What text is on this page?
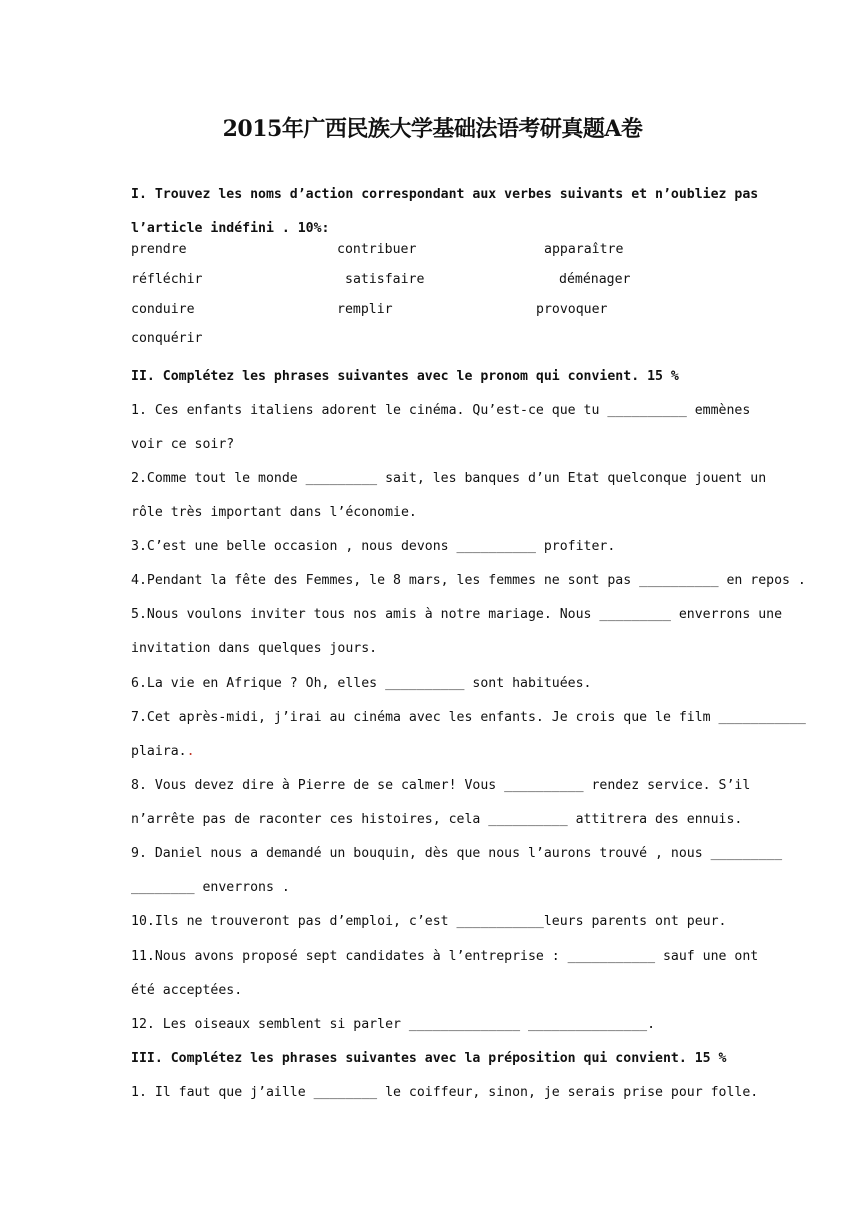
2015年广西民族大学基础法语考研真题A卷
I. Trouvez les noms d’action correspondant aux verbes suivants et n’oubliez pas
l’article indéfini . 10%:
prendre	contribuer	apparaître
réfléchir	satisfaire	déménager
conduire	remplir	provoquer
conquérir
II. Complétez les phrases suivantes avec le pronom qui convient. 15 %
1. Ces enfants italiens adorent le cinéma. Qu’est-ce que tu __________ emmènes
voir ce soir?
2.Comme tout le monde _________ sait, les banques d’un Etat quelconque jouent un
rôle très important dans l’économie.
3.C’est une belle occasion , nous devons __________ profiter.
4.Pendant la fête des Femmes, le 8 mars, les femmes ne sont pas __________ en repos .
5.Nous voulons inviter tous nos amis à notre mariage. Nous _________ enverrons une
invitation dans quelques jours.
6.La vie en Afrique ? Oh, elles __________ sont habituées.
7.Cet après-midi, j’irai au cinéma avec les enfants. Je crois que le film ___________
plaira..
8. Vous devez dire à Pierre de se calmer! Vous __________ rendez service. S’il
n’arrête pas de raconter ces histoires, cela __________ attitrera des ennuis.
9. Daniel nous a demandé un bouquin, dès que nous l’aurons trouvé , nous _________
________ enverrons .
10.Ils ne trouveront pas d’emploi, c’est ___________leurs parents ont peur.
11.Nous avons proposé sept candidates à l’entreprise : ___________ sauf une ont
été acceptées.
12. Les oiseaux semblent si parler ______________ _______________.
III. Complétez les phrases suivantes avec la préposition qui convient. 15 %
1. Il faut que j’aille ________ le coiffeur, sinon, je serais prise pour folle.
